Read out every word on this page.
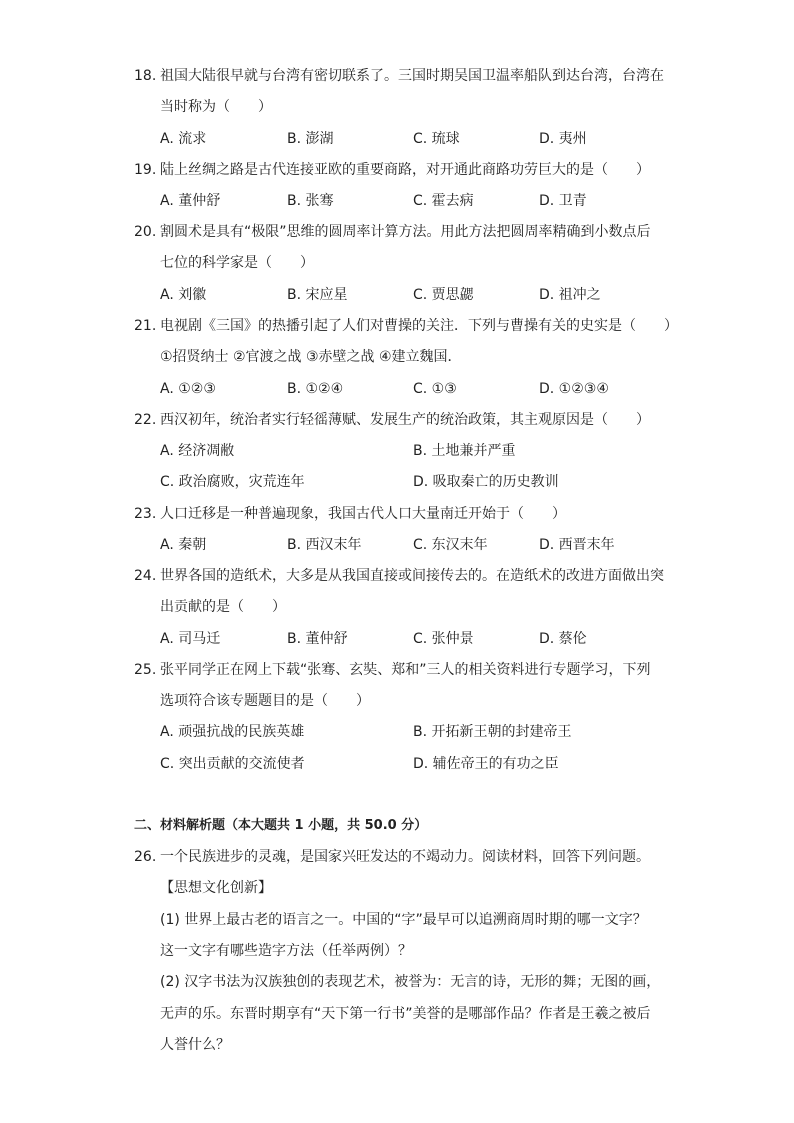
18. 祖国大陆很早就与台湾有密切联系了。三国时期吴国卫温率船队到达台湾，台湾在
当时称为（　　）
A. 流求	B. 澎湖	C. 琉球	D. 夷州
19. 陆上丝绸之路是古代连接亚欧的重要商路，对开通此商路功劳巨大的是（　　）
A. 董仲舒	B. 张骞	C. 霍去病	D. 卫青
20. 割圆术是具有“极限”思维的圆周率计算方法。用此方法把圆周率精确到小数点后
七位的科学家是（　　）
A. 刘徽	B. 宋应星	C. 贾思勰	D. 祖冲之
21. 电视剧《三国》的热播引起了人们对曹操的关注．下列与曹操有关的史实是（　　）
①招贤纳士 ②官渡之战 ③赤壁之战 ④建立魏国．
A. ①②③	B. ①②④	C. ①③	D. ①②③④
22. 西汉初年，统治者实行轻徭薄赋、发展生产的统治政策，其主观原因是（　　）
A. 经济凋敝	B. 土地兼并严重
C. 政治腐败，灾荒连年	D. 吸取秦亡的历史教训
23. 人口迁移是一种普遍现象，我国古代人口大量南迁开始于（　　）
A. 秦朝	B. 西汉末年	C. 东汉末年	D. 西晋末年
24. 世界各国的造纸术，大多是从我国直接或间接传去的。在造纸术的改进方面做出突
出贡献的是（　　）
A. 司马迁	B. 董仲舒	C. 张仲景	D. 蔡伦
25. 张平同学正在网上下载“张骞、玄奘、郑和”三人的相关资料进行专题学习，下列
选项符合该专题题目的是（　　）
A. 顽强抗战的民族英雄	B. 开拓新王朝的封建帝王
C. 突出贡献的交流使者	D. 辅佐帝王的有功之臣
二、材料解析题（本大题共 1 小题，共 50.0 分）
26. 一个民族进步的灵魂，是国家兴旺发达的不竭动力。阅读材料，回答下列问题。
【思想文化创新】
(1) 世界上最古老的语言之一。中国的“字”最早可以追溯商周时期的哪一文字？
这一文字有哪些造字方法（任举两例）？
(2) 汉字书法为汉族独创的表现艺术，被誉为：无言的诗，无形的舞；无图的画，
无声的乐。东晋时期享有“天下第一行书”美誉的是哪部作品？作者是王羲之被后
人誉什么？
